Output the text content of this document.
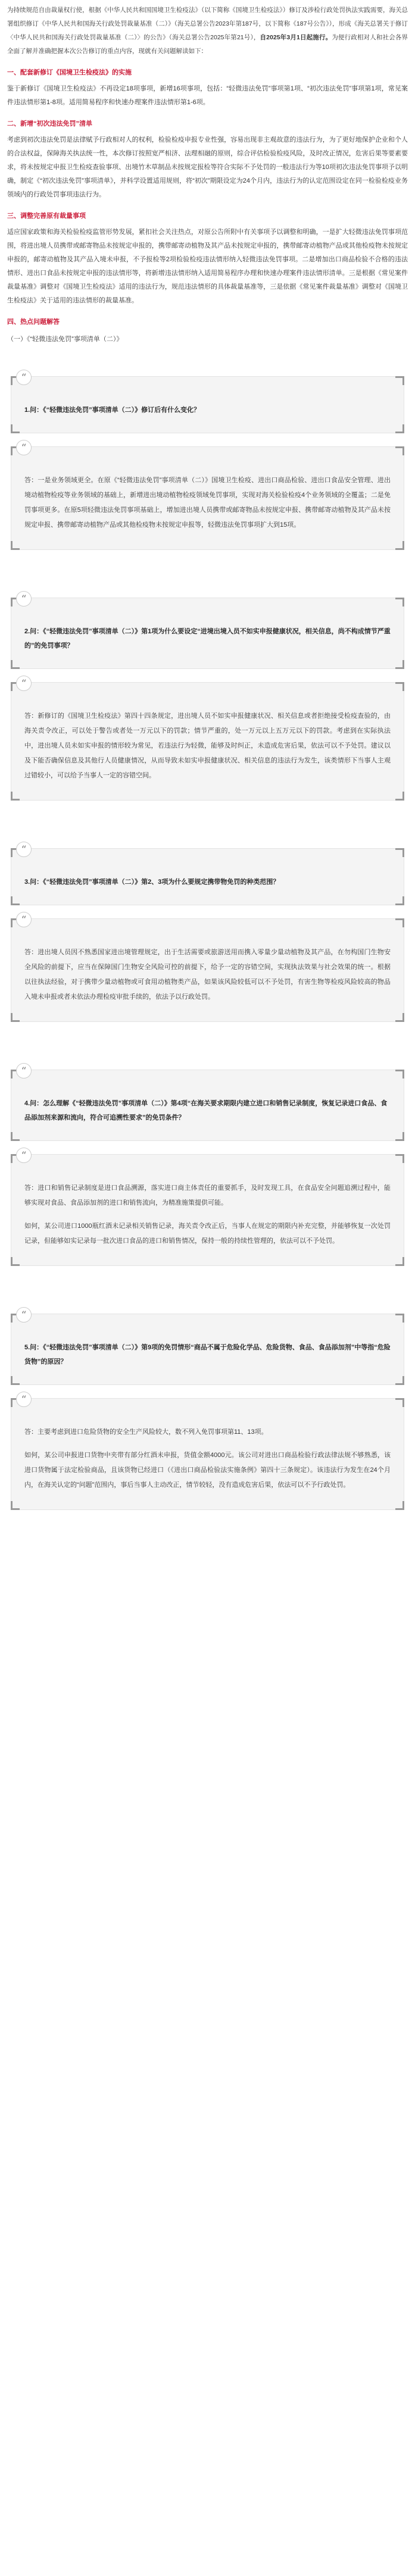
为持续规范自由裁量权行使，根据《中华人民共和国国境卫生检疫法》（以下简称《国境卫生检疫法》）修订及涉检行政处罚执法实践需要，海关总署组织修订《中华人民共和国海关行政处罚裁量基准（二）》（海关总署公告2023年第187号，以下简称《187号公告》），形成《海关总署关于修订〈中华人民共和国海关行政处罚裁量基准（二）〉的公告》（海关总署公告2025年第21号），自2025年3月1日起施行。为便行政相对人和社会各界全面了解并准确把握本次公告修订的重点内容，现就有关问题解读如下：
一、配套新修订《国境卫生检疫法》的实施
鉴于新修订《国境卫生检疫法》不再设定18项事项，新增16项事项，包括：“轻微违法免罚”事项第1项、“初次违法免罚”事项第1项，常见案件违法情形第1-8项。适用简易程序和快速办理案件违法情形第1-6项。
二、新增“初次违法免罚”清单
考虑到初次违法免罚是法律赋予行政相对人的权利，检验检疫申报专业性强，容易出现非主观故意的违法行为，为了更好地保护企业和个人的合法权益，保障海关执法统一性，本次修订按照宽严相济、法理相融的原则，综合评估检验检疫风险，及时改正情况，危害后果等要素要求，将未按规定申报卫生检疫查验事项、出境竹木草制品未按规定报检等符合实际不予处罚的一般违法行为等10项初次违法免罚事项予以明确，制定《“初次违法免罚”事项清单》，并科学设置适用规则，将“初次”期限设定为24个月内，违法行为的认定范围设定在同一检验检疫业务领域内的行政处罚事项违法行为。
三、调整完善原有裁量事项
适应国家政策和海关检验检疫监管形势发展，紧扣社会关注热点，对原公告所附中有关事项予以调整和明确，一是扩大轻微违法免罚事项范围，将进出境人员携带或邮寄物品未按规定申报的，携带邮寄动植物及其产品未按规定申报的，携带邮寄动植物产品或其他检疫物未按规定申报的，邮寄动植物及其产品入境未申报，不予报检等2项检验检疫违法情形纳入轻微违法免罚事项。二是增加出口商品检验不合格的违法情形、进出口食品未按规定申报的违法情形等，将新增违法情形纳入适用简易程序办理和快速办理案件违法情形清单。三是根据《常见案件裁量基准》调整对《国境卫生检疫法》适用的违法行为，规范违法情形的具体裁量基准等，三是依据《常见案件裁量基准》调整对《国境卫生检疫法》关于适用的违法情形的裁量基准。
四、热点问题解答
（一）《“轻微违法免罚”事项清单（二）》
“
1.问：《“轻微违法免罚”事项清单（二）》修订后有什么变化？
“

答：一是业务领域更全。在原《“轻微违法免罚”事项清单（二）》国境卫生检疫、进出口商品检验、进出口食品安全管理、进出境动植物检疫等业务领域的基础上，新增进出境动植物检疫领域免罚事项，实现对海关检验检疫4个业务领域的全覆盖；二是免罚事项更多。在原5项轻微违法免罚事项基础上，增加进出境人员携带或邮寄物品未按规定申报、携带邮寄动植物及其产品未按规定申报、携带邮寄动植物产品或其他检疫物未按规定申报等，轻微违法免罚事项扩大到15项。

“
2.问：《“轻微违法免罚”事项清单（二）》第1项为什么要设定“进境出境入员不如实申报健康状况，相关信息，尚不构成情节严重的”的免罚事项？
“

答：新修订的《国境卫生检疫法》第四十四条规定，进出境人员不如实申报健康状况、相关信息或者拒绝接受检疫查验的，由海关责令改正，可以处于警告或者处一万元以下的罚款；情节严重的，处一万元以上五万元以下的罚款。考虑到在实际执法中，进出境人员未如实申报的情形较为常见，若违法行为轻微，能够及时纠正，未造成危害后果，依法可以不予处罚。建议以及下能否确保信息及其他行人员健康情况，从而导致未如实申报健康状况、相关信息的违法行为发生，该类情形下当事人主观过错较小，可以给予当事人一定的容错空间。

“
3.问：《“轻微违法免罚”事项清单（二）》第2、3项为什么要规定携带物免罚的种类范围？
“

答：进出境人员因不熟悉国家进出境管理规定，出于生活需要或旅游送用而携入零量少量动植物及其产品，在勿构国门生物安全风险的前提下，应当在保障国门生物安全风险可控的前提下，给予一定的容错空间，实现执法效果与社会效果的统一。根据以往执法经验，对于携带少量动植物或可食用动植物类产品，如果该风险较低可以不予处罚，有害生物等检疫风险较高的物品入境未申报或者未依法办理检疫审批手续的，依法予以行政处罚。

“
4.问：怎么理解《“轻微违法免罚”事项清单（二）》第4项“在海关要求期限内建立进口和销售记录制度，恢复记录进口食品、食品添加剂来源和流向，符合可追溯性要求”的免罚条件？
“

答：进口和销售记录制度是进口食品溯源，落实进口商主体责任的重要抓手，及时发现工具，在食品安全问题追溯过程中，能够实现对食品、食品添加剂的进口和销售流向，为精准施策提供可能。

如何，某公司进口1000瓶红酒未记录相关销售记录，海关责令改正后，当事人在规定的期限内补充完整，并能够恢复一次处罚记录，但能够如实记录每一批次进口食品的进口和销售情况，保持一般的持续性管理的，依法可以不予处罚。

“
5.问：《“轻微违法免罚”事项清单（二）》第9项的免罚情形“商品不属于危险化学品、危险货物、食品、食品添加剂”中等指“危险货物”的原因？
“

答：主要考虑到进口危险货物的安全生产风险较大，数不列入免罚事项第11、13项。

如何，某公司申报进口货物中夹带有部分红酒未申报，货值金额4000元。该公司对进出口商品检验行政法律法规不够熟悉，该进口货物属于法定检验商品，且该货物已经进口（《进出口商品检验法实施条例》第四十三条规定）。该违法行为发生在24个月内，在海关认定的“问题”范围内，事后当事人主动改正，情节较轻，没有造成危害后果，依法可以不予行政处罚。
